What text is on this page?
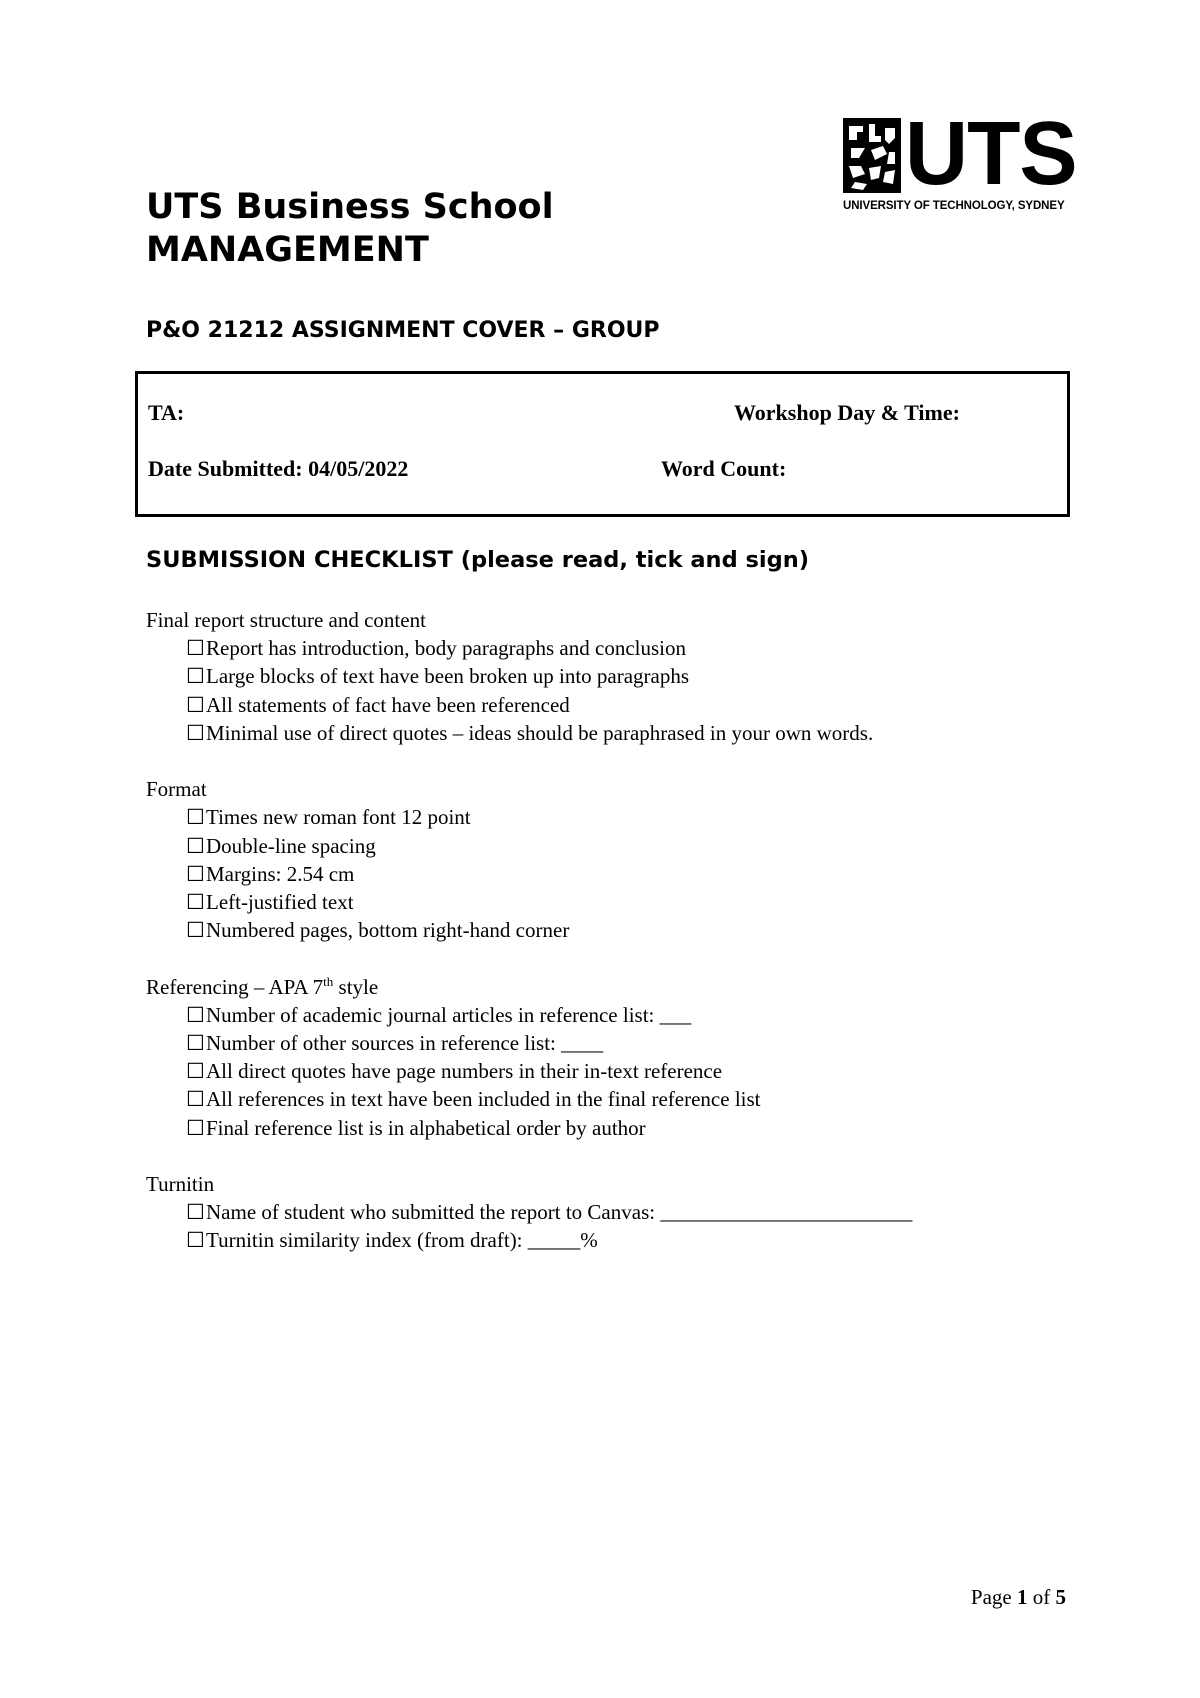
UTS
UNIVERSITY OF TECHNOLOGY, SYDNEY
UTS Business School
MANAGEMENT
P&O 21212 ASSIGNMENT COVER – GROUP
TA:	Workshop Day & Time:
Date Submitted: 04/05/2022	Word Count:
SUBMISSION CHECKLIST (please read, tick and sign)
Final report structure and content
☐Report has introduction, body paragraphs and conclusion
☐Large blocks of text have been broken up into paragraphs
☐All statements of fact have been referenced
☐Minimal use of direct quotes – ideas should be paraphrased in your own words.
Format
☐Times new roman font 12 point
☐Double-line spacing
☐Margins: 2.54 cm
☐Left-justified text
☐Numbered pages, bottom right-hand corner
Referencing – APA 7th style
☐Number of academic journal articles in reference list: ___
☐Number of other sources in reference list: ____
☐All direct quotes have page numbers in their in-text reference
☐All references in text have been included in the final reference list
☐Final reference list is in alphabetical order by author
Turnitin
☐Name of student who submitted the report to Canvas: ________________________
☐Turnitin similarity index (from draft): _____%
Page 1 of 5
